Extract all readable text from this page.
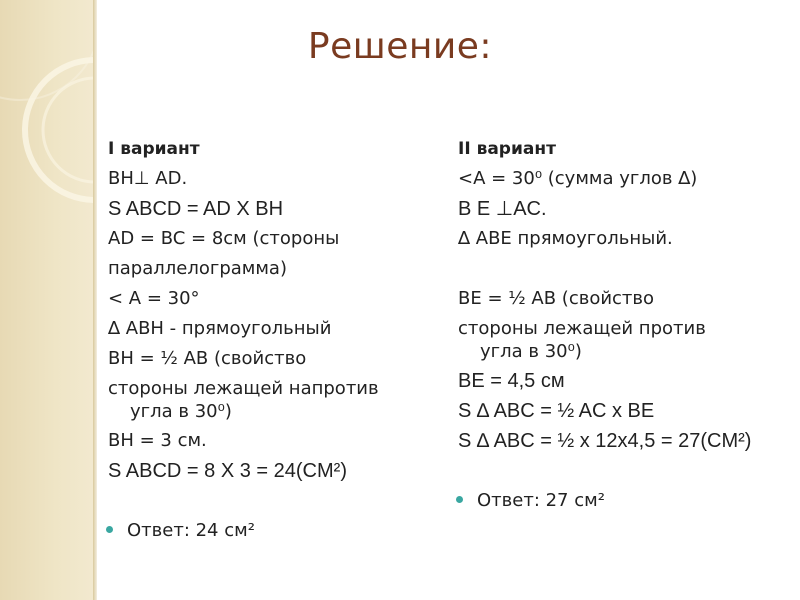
Решение:
I вариант
BH⊥ AD.
S ABCD = AD X BH
AD = BC = 8см (стороны
параллелограмма)
< A = 30°
∆ ABH - прямоугольный
BH = ½ AB (свойство
стороны лежащей напротив
угла в 30⁰)
BH = 3 см.
S ABCD = 8 X 3 = 24(CM²)
Ответ: 24 см²
II вариант
<A = 30⁰ (сумма углов ∆)
B E ⊥AC.
∆ ABE прямоугольный.
BE = ½ AB (свойство
стороны лежащей против
угла в 30⁰)
BE = 4,5 см
S ∆ ABC = ½ AC x BE
S ∆ ABC = ½ x 12x4,5 = 27(CM²)
Ответ: 27 см²
